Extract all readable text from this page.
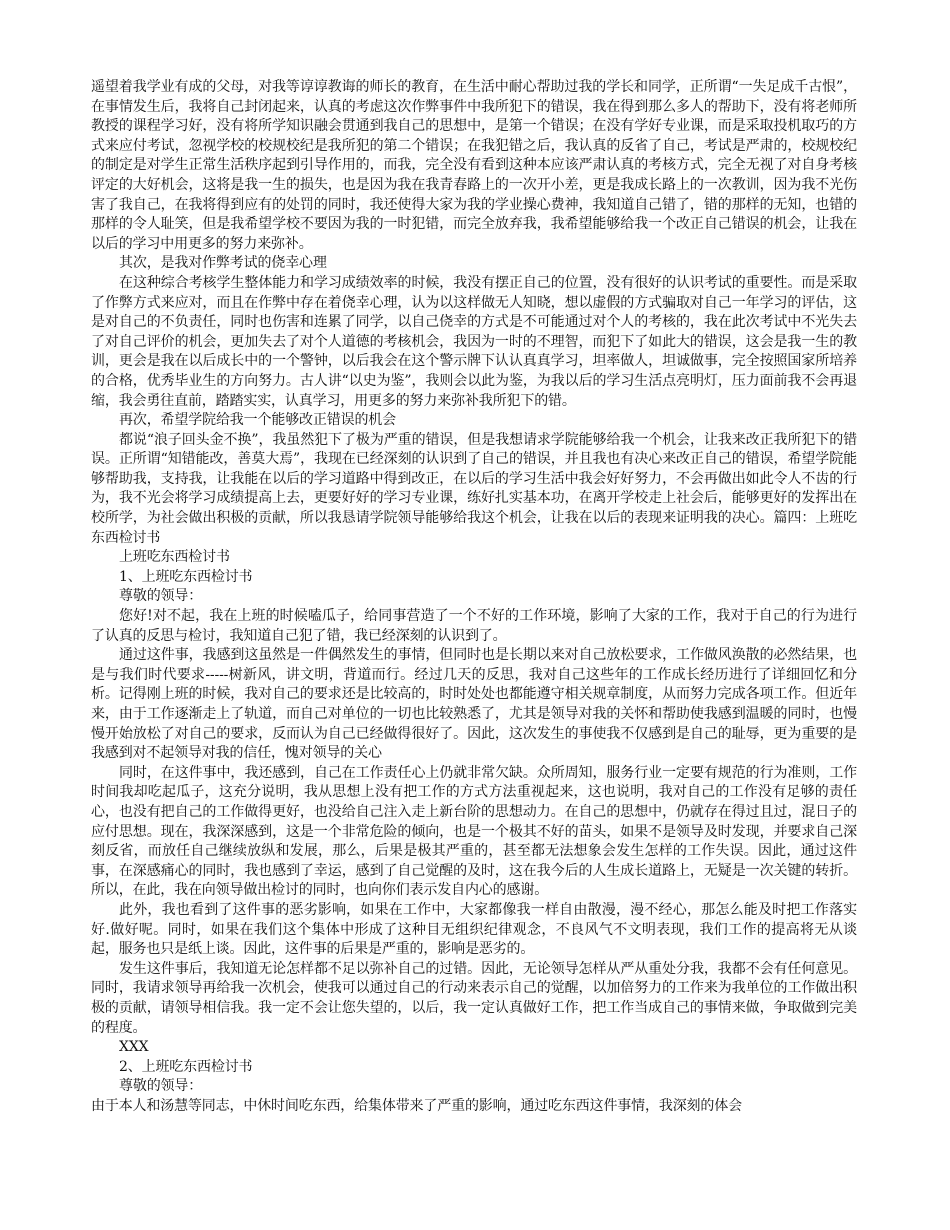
遥望着我学业有成的父母，对我等谆谆教诲的师长的教育，在生活中耐心帮助过我的学长和同学，正所谓“一失足成千古恨”，在事情发生后，我将自己封闭起来，认真的考虑这次作弊事件中我所犯下的错误，我在得到那么多人的帮助下，没有将老师所教授的课程学习好，没有将所学知识融会贯通到我自己的思想中，是第一个错误；在没有学好专业课，而是采取投机取巧的方式来应付考试，忽视学校的校规校纪是我所犯的第二个错误；在我犯错之后，我认真的反省了自己，考试是严肃的，校规校纪的制定是对学生正常生活秩序起到引导作用的，而我，完全没有看到这种本应该严肃认真的考核方式，完全无视了对自身考核评定的大好机会，这将是我一生的损失，也是因为我在我青春路上的一次开小差，更是我成长路上的一次教训，因为我不光伤害了我自己，在我将得到应有的处罚的同时，我还使得大家为我的学业操心费神，我知道自己错了，错的那样的无知，也错的那样的令人耻笑，但是我希望学校不要因为我的一时犯错，而完全放弃我，我希望能够给我一个改正自己错误的机会，让我在以后的学习中用更多的努力来弥补。

其次，是我对作弊考试的侥幸心理

在这种综合考核学生整体能力和学习成绩效率的时候，我没有摆正自己的位置，没有很好的认识考试的重要性。而是采取了作弊方式来应对，而且在作弊中存在着侥幸心理，认为以这样做无人知晓，想以虚假的方式骗取对自己一年学习的评估，这是对自己的不负责任，同时也伤害和连累了同学，以自己侥幸的方式是不可能通过对个人的考核的，我在此次考试中不光失去了对自己评价的机会，更加失去了对个人道德的考核机会，我因为一时的不理智，而犯下了如此大的错误，这会是我一生的教训，更会是我在以后成长中的一个警钟，以后我会在这个警示牌下认认真真学习，坦率做人，坦诚做事，完全按照国家所培养的合格，优秀毕业生的方向努力。古人讲“以史为鉴”，我则会以此为鉴，为我以后的学习生活点亮明灯，压力面前我不会再退缩，我会勇往直前，踏踏实实，认真学习，用更多的努力来弥补我所犯下的错。

再次，希望学院给我一个能够改正错误的机会

都说“浪子回头金不换”，我虽然犯下了极为严重的错误，但是我想请求学院能够给我一个机会，让我来改正我所犯下的错误。正所谓“知错能改，善莫大焉”，我现在已经深刻的认识到了自己的错误，并且我也有决心来改正自己的错误，希望学院能够帮助我，支持我，让我能在以后的学习道路中得到改正，在以后的学习生活中我会好好努力，不会再做出如此令人不齿的行为，我不光会将学习成绩提高上去，更要好好的学习专业课，练好扎实基本功，在离开学校走上社会后，能够更好的发挥出在校所学，为社会做出积极的贡献，所以我恳请学院领导能够给我这个机会，让我在以后的表现来证明我的决心。篇四：上班吃东西检讨书

上班吃东西检讨书

1、上班吃东西检讨书

尊敬的领导：

您好!对不起，我在上班的时候嗑瓜子，给同事营造了一个不好的工作环境，影响了大家的工作，我对于自己的行为进行了认真的反思与检讨，我知道自己犯了错，我已经深刻的认识到了。

通过这件事，我感到这虽然是一件偶然发生的事情，但同时也是长期以来对自己放松要求，工作做风涣散的必然结果，也是与我们时代要求-----树新风，讲文明，背道而行。经过几天的反思，我对自己这些年的工作成长经历进行了详细回忆和分析。记得刚上班的时候，我对自己的要求还是比较高的，时时处处也都能遵守相关规章制度，从而努力完成各项工作。但近年来，由于工作逐渐走上了轨道，而自己对单位的一切也比较熟悉了，尤其是领导对我的关怀和帮助使我感到温暖的同时，也慢慢开始放松了对自己的要求，反而认为自己已经做得很好了。因此，这次发生的事使我不仅感到是自己的耻辱，更为重要的是我感到对不起领导对我的信任，愧对领导的关心

同时，在这件事中，我还感到，自己在工作责任心上仍就非常欠缺。众所周知，服务行业一定要有规范的行为准则，工作时间我却吃起瓜子，这充分说明，我从思想上没有把工作的方式方法重视起来，这也说明，我对自己的工作没有足够的责任心，也没有把自己的工作做得更好，也没给自己注入走上新台阶的思想动力。在自己的思想中，仍就存在得过且过，混日子的应付思想。现在，我深深感到，这是一个非常危险的倾向，也是一个极其不好的苗头，如果不是领导及时发现，并要求自己深刻反省，而放任自己继续放纵和发展，那么，后果是极其严重的，甚至都无法想象会发生怎样的工作失误。因此，通过这件事，在深感痛心的同时，我也感到了幸运，感到了自己觉醒的及时，这在我今后的人生成长道路上，无疑是一次关键的转折。所以，在此，我在向领导做出检讨的同时，也向你们表示发自内心的感谢。

此外，我也看到了这件事的恶劣影响，如果在工作中，大家都像我一样自由散漫，漫不经心，那怎么能及时把工作落实好.做好呢。同时，如果在我们这个集体中形成了这种目无组织纪律观念，不良风气不文明表现，我们工作的提高将无从谈起，服务也只是纸上谈。因此，这件事的后果是严重的，影响是恶劣的。

发生这件事后，我知道无论怎样都不足以弥补自己的过错。因此，无论领导怎样从严从重处分我，我都不会有任何意见。同时，我请求领导再给我一次机会，使我可以通过自己的行动来表示自己的觉醒，以加倍努力的工作来为我单位的工作做出积极的贡献，请领导相信我。我一定不会让您失望的，以后，我一定认真做好工作，把工作当成自己的事情来做，争取做到完美的程度。

XXX

2、上班吃东西检讨书

尊敬的领导：

由于本人和汤慧等同志，中休时间吃东西，给集体带来了严重的影响，通过吃东西这件事情，我深刻的体会
